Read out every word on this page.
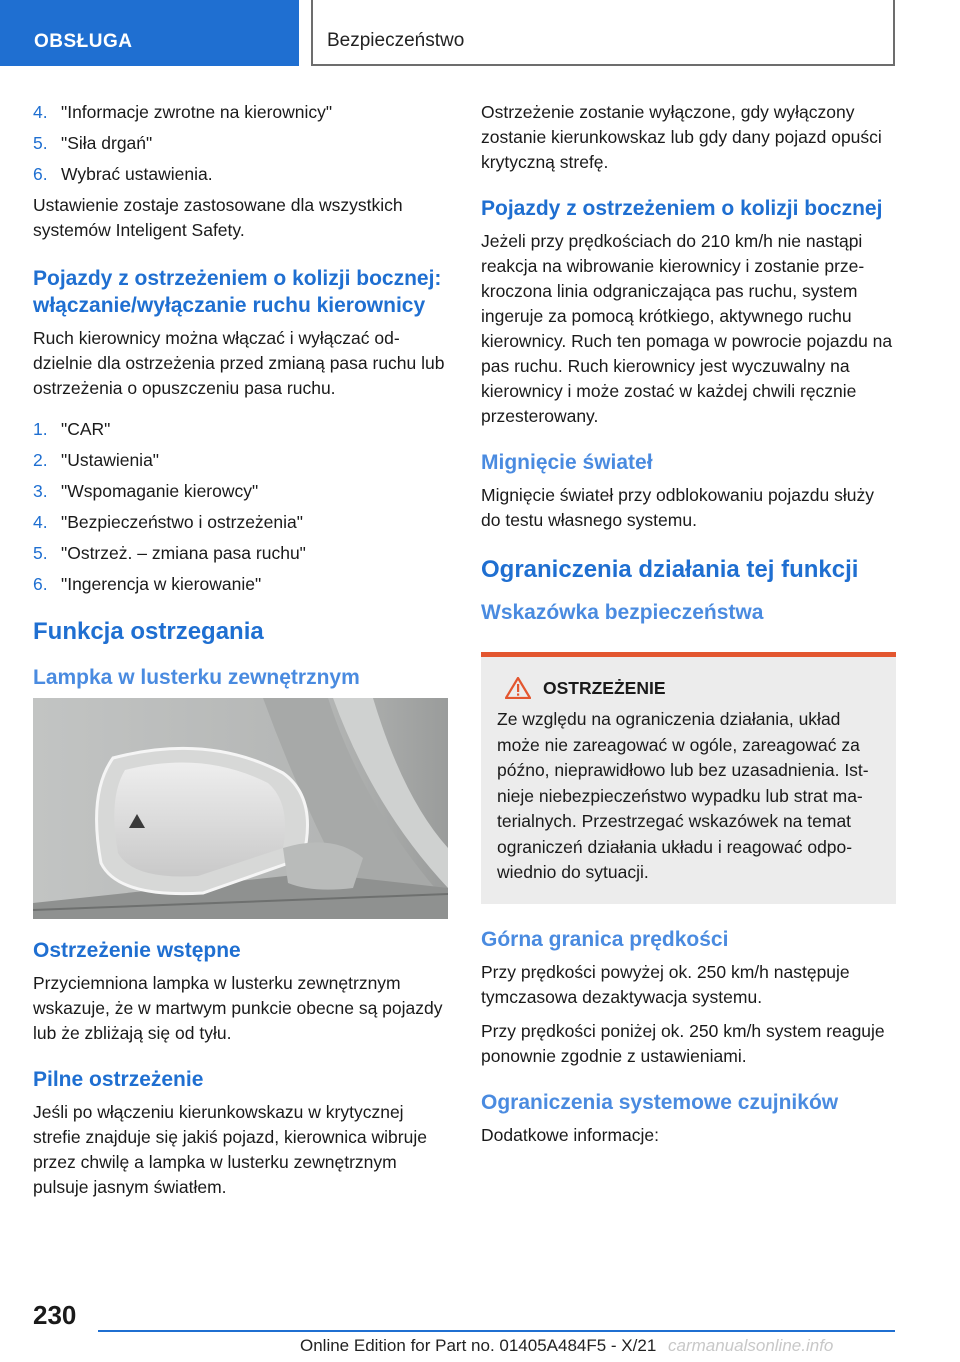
OBSŁUGA	Bezpieczeństwo
4. "Informacje zwrotne na kierownicy"
5. "Siła drgań"
6. Wybrać ustawienia.

Ustawienie zostaje zastosowane dla wszystkich systemów Inteligent Safety.

Pojazdy z ostrzeżeniem o kolizji bocznej: włączanie/wyłączanie ruchu kierownicy

Ruch kierownicy można włączać i wyłączać oddzielnie dla ostrzeżenia przed zmianą pasa ruchu lub ostrzeżenia o opuszczeniu pasa ruchu.

1. "CAR"
2. "Ustawienia"
3. "Wspomaganie kierowcy"
4. "Bezpieczeństwo i ostrzeżenia"
5. "Ostrzeż. – zmiana pasa ruchu"
6. "Ingerencja w kierowanie"
Funkcja ostrzegania
Lampka w lusterku zewnętrznym
Ostrzeżenie wstępne

Przyciemniona lampka w lusterku zewnętrznym wskazuje, że w martwym punkcie obecne są pojazdy lub że zbliżają się od tyłu.

Pilne ostrzeżenie

Jeśli po włączeniu kierunkowskazu w krytycznej strefie znajduje się jakiś pojazd, kierownica wibruje przez chwilę a lampka w lusterku zewnętrznym pulsuje jasnym światłem.

Ostrzeżenie zostanie wyłączone, gdy wyłączony zostanie kierunkowskaz lub gdy dany pojazd opuści krytyczną strefę.

Pojazdy z ostrzeżeniem o kolizji bocznej

Jeżeli przy prędkościach do 210 km/h nie nastąpi reakcja na wibrowanie kierownicy i zostanie przekroczona linia odgraniczająca pas ruchu, system ingeruje za pomocą krótkiego, aktywnego ruchu kierownicy. Ruch ten pomaga w powrocie pojazdu na pas ruchu. Ruch kierownicy jest wyczuwalny na kierownicy i może zostać w każdej chwili ręcznie przesterowany.

Mignięcie świateł

Mignięcie świateł przy odblokowaniu pojazdu służy do testu własnego systemu.

Ograniczenia działania tej funkcji
Wskazówka bezpieczeństwa
OSTRZEŻENIE

Ze względu na ograniczenia działania, układ może nie zareagować w ogóle, zareagować za późno, nieprawidłowo lub bez uzasadnienia. Istnieje niebezpieczeństwo wypadku lub strat materialnych. Przestrzegać wskazówek na temat ograniczeń działania układu i reagować odpowiednio do sytuacji.

Górna granica prędkości

Przy prędkości powyżej ok. 250 km/h następuje tymczasowa dezaktywacja systemu.

Przy prędkości poniżej ok. 250 km/h system reaguje ponownie zgodnie z ustawieniami.

Ograniczenia systemowe czujników

Dodatkowe informacje:

230
Online Edition for Part no. 01405A484F5 - X/21 carmanualsonline.info
